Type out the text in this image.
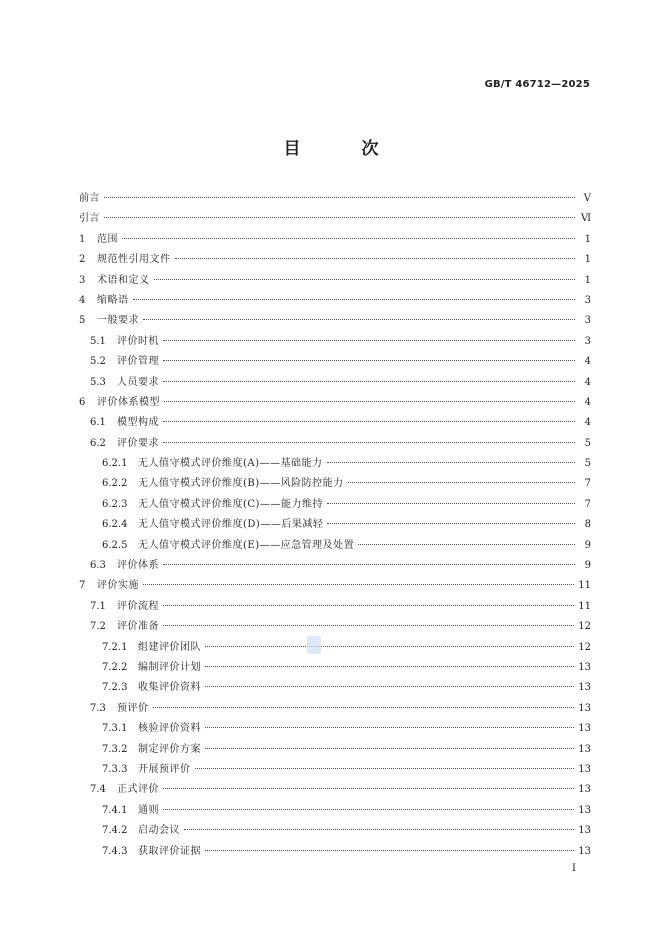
GB/T 46712—2025
目　次
前言	Ⅴ
引言	Ⅵ
1	范围	1
2	规范性引用文件	1
3	术语和定义	1
4	缩略语	3
5	一般要求	3
5.1	评价时机	3
5.2	评价管理	4
5.3	人员要求	4
6	评价体系模型	4
6.1	模型构成	4
6.2	评价要求	5
6.2.1	无人值守模式评价维度(A)——基础能力	5
6.2.2	无人值守模式评价维度(B)——风险防控能力	7
6.2.3	无人值守模式评价维度(C)——能力维持	7
6.2.4	无人值守模式评价维度(D)——后果减轻	8
6.2.5	无人值守模式评价维度(E)——应急管理及处置	9
6.3	评价体系	9
7	评价实施	11
7.1	评价流程	11
7.2	评价准备	12
7.2.1	组建评价团队	12
7.2.2	编制评价计划	13
7.2.3	收集评价资料	13
7.3	预评价	13
7.3.1	核验评价资料	13
7.3.2	制定评价方案	13
7.3.3	开展预评价	13
7.4	正式评价	13
7.4.1	通则	13
7.4.2	启动会议	13
7.4.3	获取评价证据	13
Ⅰ
